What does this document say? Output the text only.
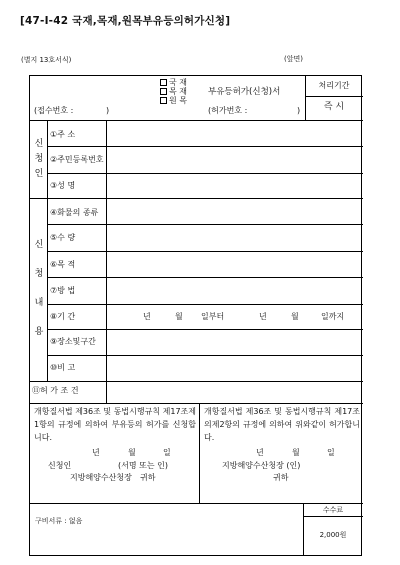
[47-Ⅰ-42 국재,목재,원목부유등의허가신청]
(별지 13호서식)	(앞면)
처리기간
즉 시
국 재
목 재
원 목
부유등허가(신청)서
(접수번호 :	)	(허가번호 :	)
신
청
인
①주 소
②주민등록번호
③성 명
신
청
내
용
④화물의 종류
⑤수 량
⑥목 적
⑦방 법
⑧기 간	년	월 일부터	년	월	일까지
⑨장소및구간
⑩비 고
⑪허 가 조 건
개항질서법 제36조 및 동법시행규칙 제17조제1항의 규정에 의하여 부유등의 허가를 신청합니다.
개항질서법 제36조 및 동법시행규칙 제17조의제2항의 규정에 의하여 위와같이 허가합니다.
년	월	일
신청인	(서명 또는 인)
지방해양수산청장 귀하
년	월	일
지방해양수산청장 (인)
귀하
구비서류 : 없음
수수료
2,000원
